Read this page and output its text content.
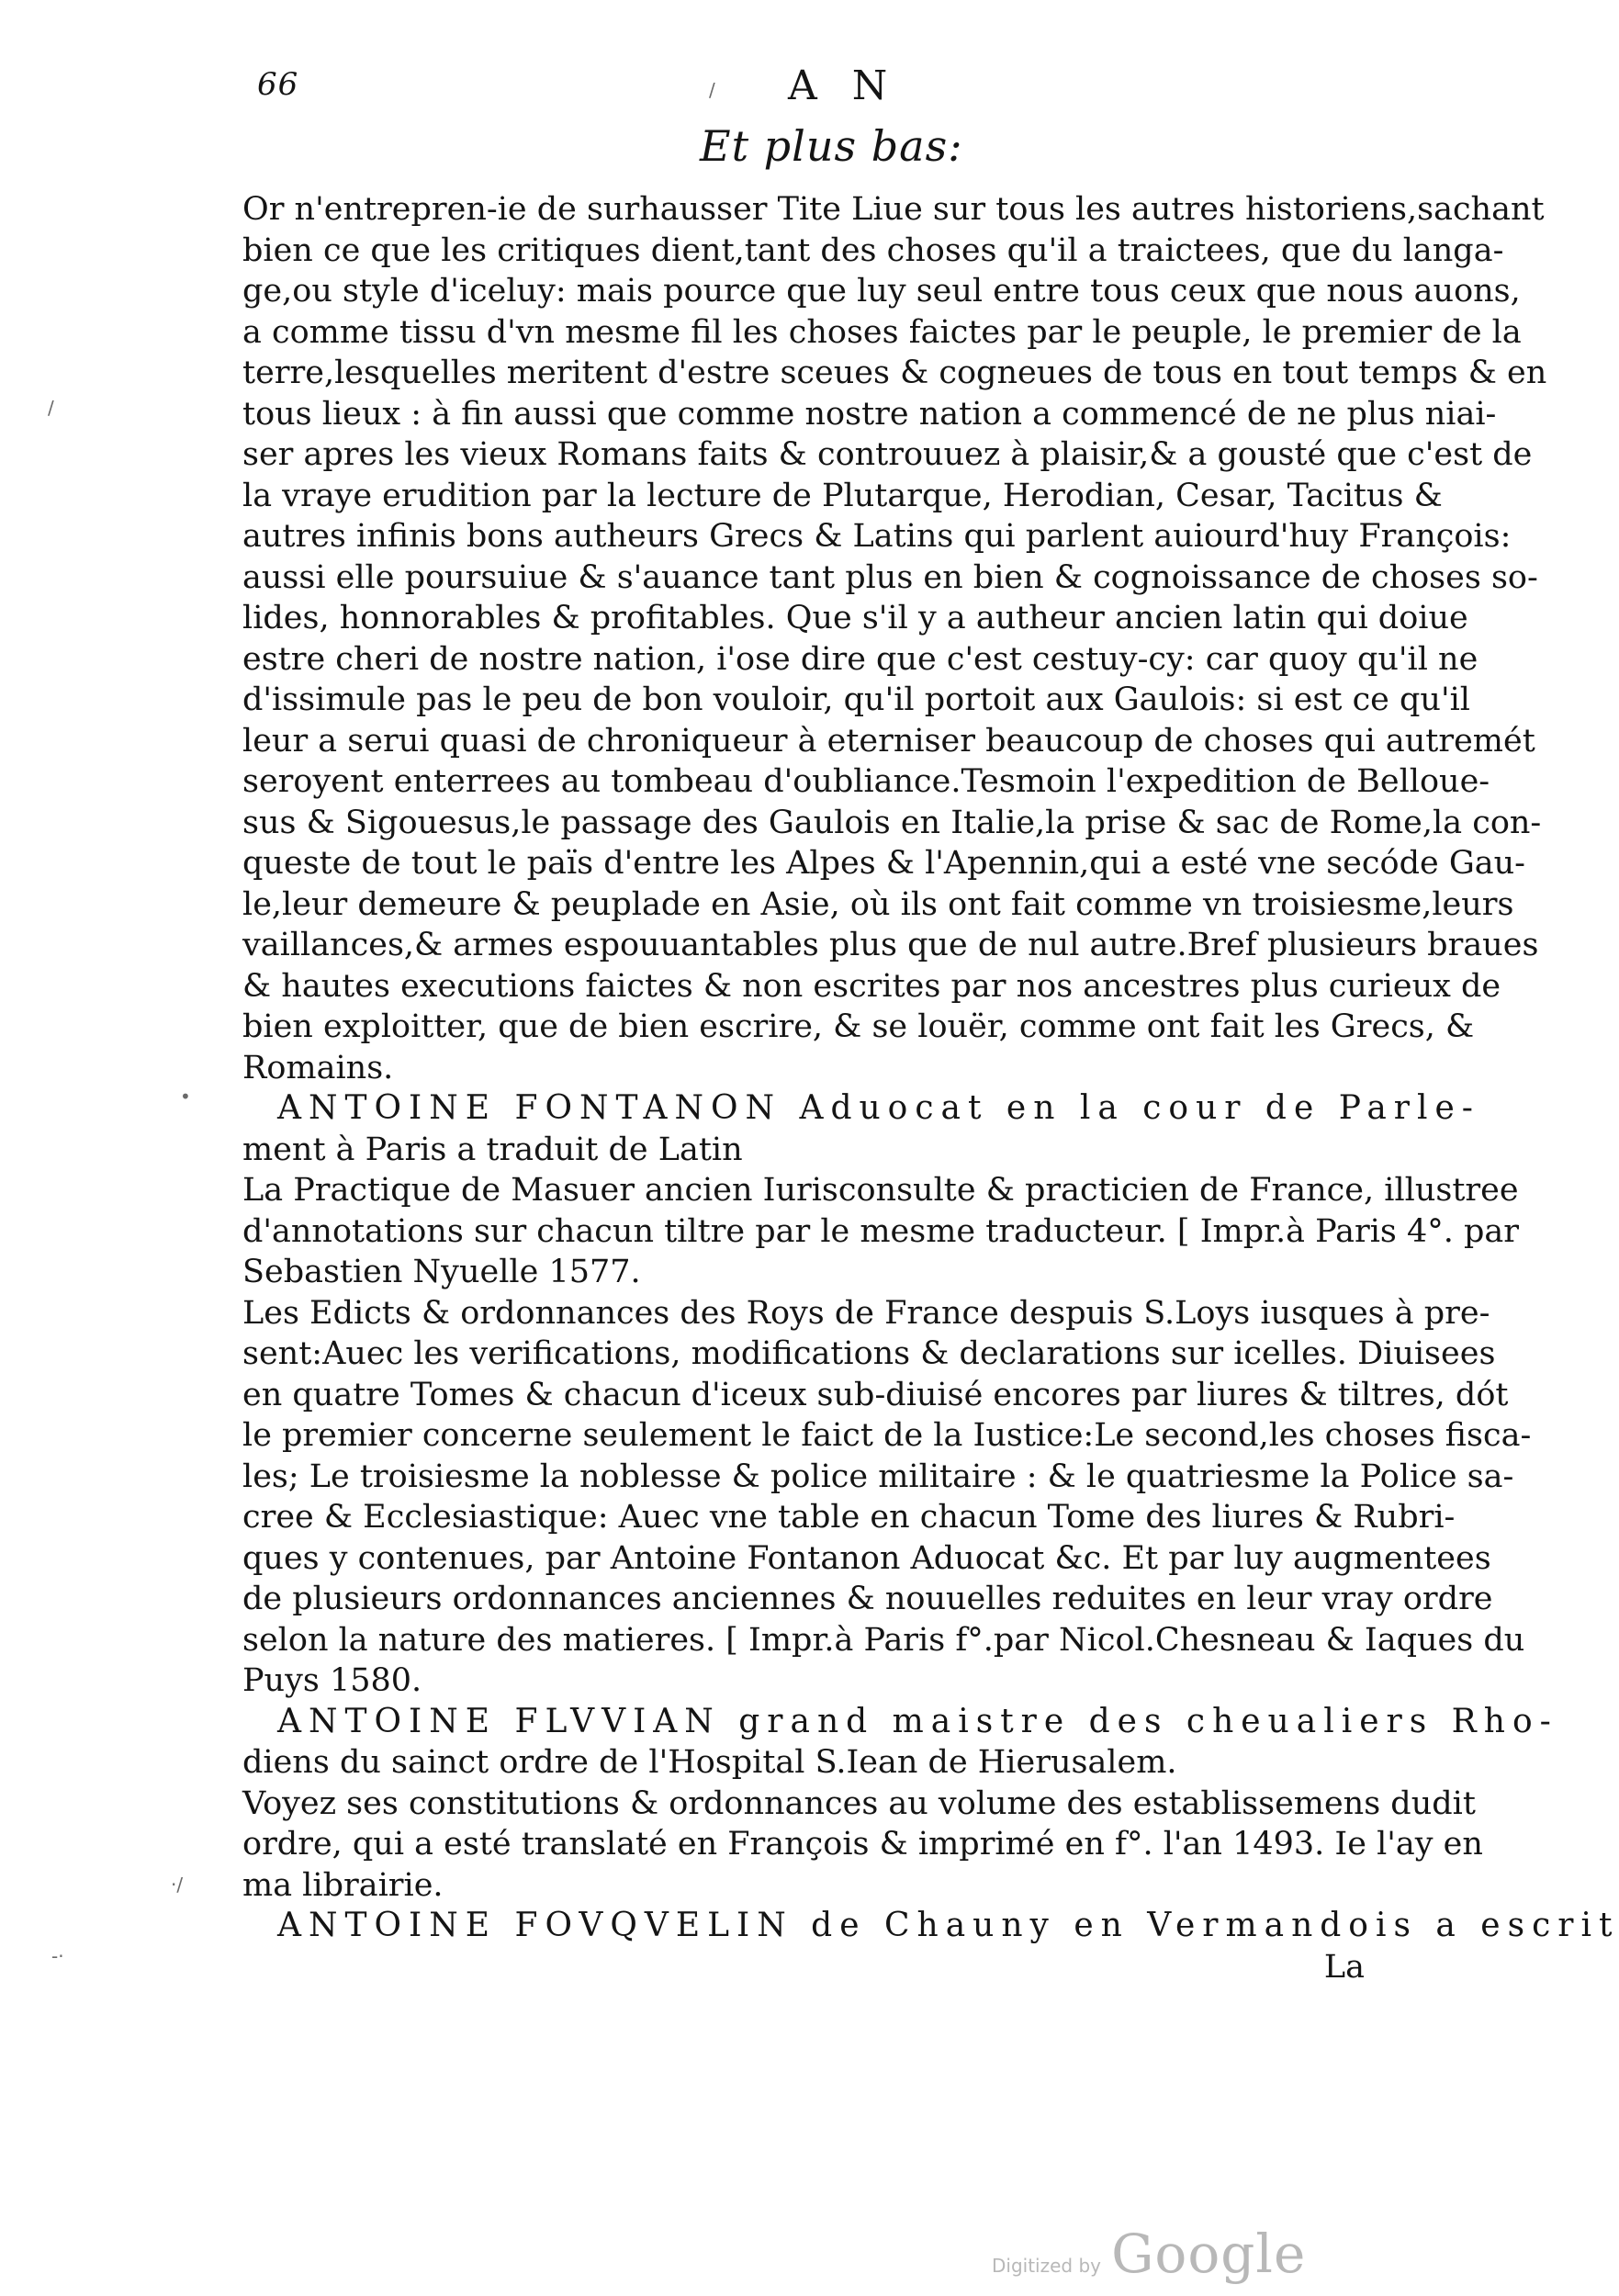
66	A N
Et plus bas:
Or n'entrepren-ie de surhausser Tite Liue sur tous les autres historiens,sachant
bien ce que les critiques dient,tant des choses qu'il a traictees, que du langa-
ge,ou style d'iceluy: mais pource que luy seul entre tous ceux que nous auons,
a comme tissu d'vn mesme fil les choses faictes par le peuple, le premier de la
terre,lesquelles meritent d'estre sceues & cogneues de tous en tout temps & en
tous lieux : à fin aussi que comme nostre nation a commencé de ne plus niai-
ser apres les vieux Romans faits & controuuez à plaisir,& a gousté que c'est de
la vraye erudition par la lecture de Plutarque, Herodian, Cesar, Tacitus &
autres infinis bons autheurs Grecs & Latins qui parlent auiourd'huy François:
aussi elle poursuiue & s'auance tant plus en bien & cognoissance de choses so-
lides, honnorables & profitables. Que s'il y a autheur ancien latin qui doiue
estre cheri de nostre nation, i'ose dire que c'est cestuy-cy: car quoy qu'il ne
d'issimule pas le peu de bon vouloir, qu'il portoit aux Gaulois: si est ce qu'il
leur a serui quasi de chroniqueur à eterniser beaucoup de choses qui autremét
seroyent enterrees au tombeau d'oubliance.Tesmoin l'expedition de Bellouе-
sus & Sigouesus,le passage des Gaulois en Italie,la prise & sac de Rome,la con-
queste de tout le païs d'entre les Alpes & l'Apennin,qui a esté vne secóde Gau-
le,leur demeure & peuplade en Asie, où ils ont fait comme vn troisiesme,leurs
vaillances,& armes espouuantables plus que de nul autre.Bref plusieurs braues
& hautes executions faictes & non escrites par nos ancestres plus curieux de
bien exploitter, que de bien escrire, & se louër, comme ont fait les Grecs, &
Romains.
ANTOINE FONTANON Aduocat en la cour de Parle-
ment à Paris a traduit de Latin
La Practique de Masuer ancien Iurisconsulte & practicien de France, illustree
d'annotations sur chacun tiltre par le mesme traducteur. [ Impr.à Paris 4°. par
Sebastien Nyuelle 1577.
Les Edicts & ordonnances des Roys de France despuis S.Loys iusques à pre-
sent:Auec les verifications, modifications & declarations sur icelles. Diuisees
en quatre Tomes & chacun d'iceux sub-diuisé encores par liures & tiltres, dót
le premier concerne seulement le faict de la Iustice:Le second,les choses fisca-
les; Le troisiesme la noblesse & police militaire : & le quatriesme la Police sa-
cree & Ecclesiastique: Auec vne table en chacun Tome des liures & Rubri-
ques y contenues, par Antoine Fontanon Aduocat &c. Et par luy augmentees
de plusieurs ordonnances anciennes & nouuelles reduites en leur vray ordre
selon la nature des matieres. [ Impr.à Paris f°.par Nicol.Chesneau & Iaques du
Puys 1580.
ANTOINE FLVVIAN grand maistre des cheualiers Rho-
diens du sainct ordre de l'Hospital S.Iean de Hierusalem.
Voyez ses constitutions & ordonnances au volume des establissemens dudit
ordre, qui a esté translaté en François & imprimé en f°. l'an 1493. Ie l'ay en
ma librairie.
ANTOINE FOVQVELIN de Chauny en Vermandois a escrit
La
/
•
·/
-·
/
Digitized by Google
